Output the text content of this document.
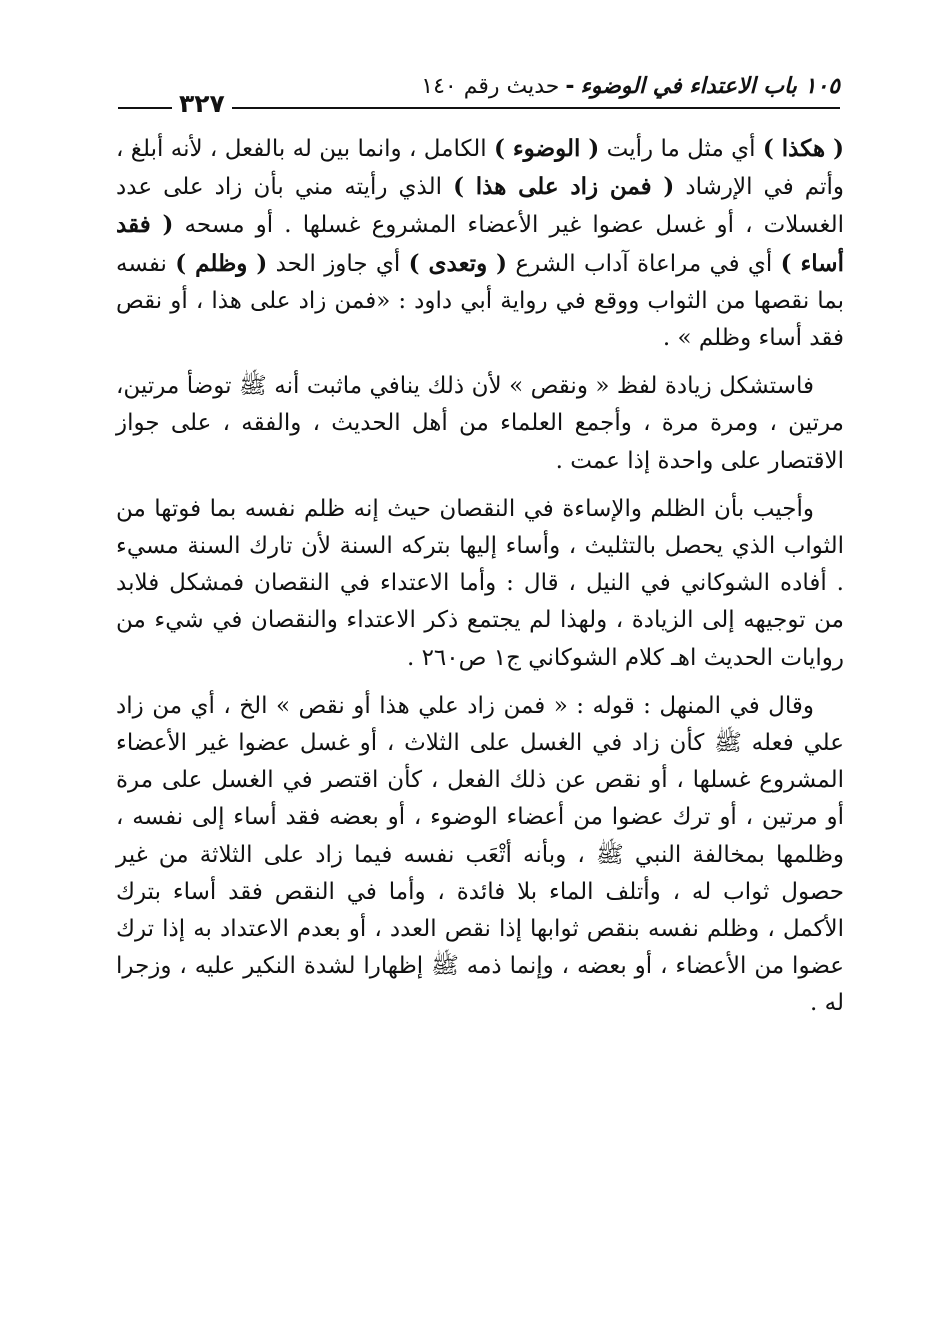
١٠٥ باب الاعتداء في الوضوء-حديث رقم ١٤٠
٣٢٧

( هكذا ) أي مثل ما رأيت ( الوضوء ) الكامل ، وانما بين له بالفعل ، لأنه أبلغ ، وأتم في الإرشاد ( فمن زاد على هذا ) الذي رأيته مني بأن زاد على عدد الغسلات ، أو غسل عضوا غير الأعضاء المشروع غسلها . أو مسحه ( فقد أساء ) أي في مراعاة آداب الشرع ( وتعدى ) أي جاوز الحد ( وظلم ) نفسه بما نقصها من الثواب ووقع في رواية أبي داود : «فمن زاد على هذا ، أو نقص فقد أساء وظلم » .

فاستشكل زيادة لفظ « ونقص » لأن ذلك ينافي ماثبت أنه ﷺ توضأ مرتين، مرتين ، ومرة مرة ، وأجمع العلماء من أهل الحديث ، والفقه ، على جواز الاقتصار على واحدة إذا عمت .

وأجيب بأن الظلم والإساءة في النقصان حيث إنه ظلم نفسه بما فوتها من الثواب الذي يحصل بالتثليث ، وأساء إليها بتركه السنة لأن تارك السنة مسيء . أفاده الشوكاني في النيل ، قال : وأما الاعتداء في النقصان فمشكل فلابد من توجيهه إلى الزيادة ، ولهذا لم يجتمع ذكر الاعتداء والنقصان في شيء من روايات الحديث اهـ كلام الشوكاني ج١ ص٢٦٠ .

وقال في المنهل : قوله : « فمن زاد علي هذا أو نقص » الخ ، أي من زاد علي فعله ﷺ كأن زاد في الغسل على الثلاث ، أو غسل عضوا غير الأعضاء المشروع غسلها ، أو نقص عن ذلك الفعل ، كأن اقتصر في الغسل على مرة أو مرتين ، أو ترك عضوا من أعضاء الوضوء ، أو بعضه فقد أساء إلى نفسه ، وظلمها بمخالفة النبي ﷺ ، وبأنه أتْعَب نفسه فيما زاد على الثلاثة من غير حصول ثواب له ، وأتلف الماء بلا فائدة ، وأما في النقص فقد أساء بترك الأكمل ، وظلم نفسه بنقص ثوابها إذا نقص العدد ، أو بعدم الاعتداد به إذا ترك عضوا من الأعضاء ، أو بعضه ، وإنما ذمه ﷺ إظهارا لشدة النكير عليه ، وزجرا له .
